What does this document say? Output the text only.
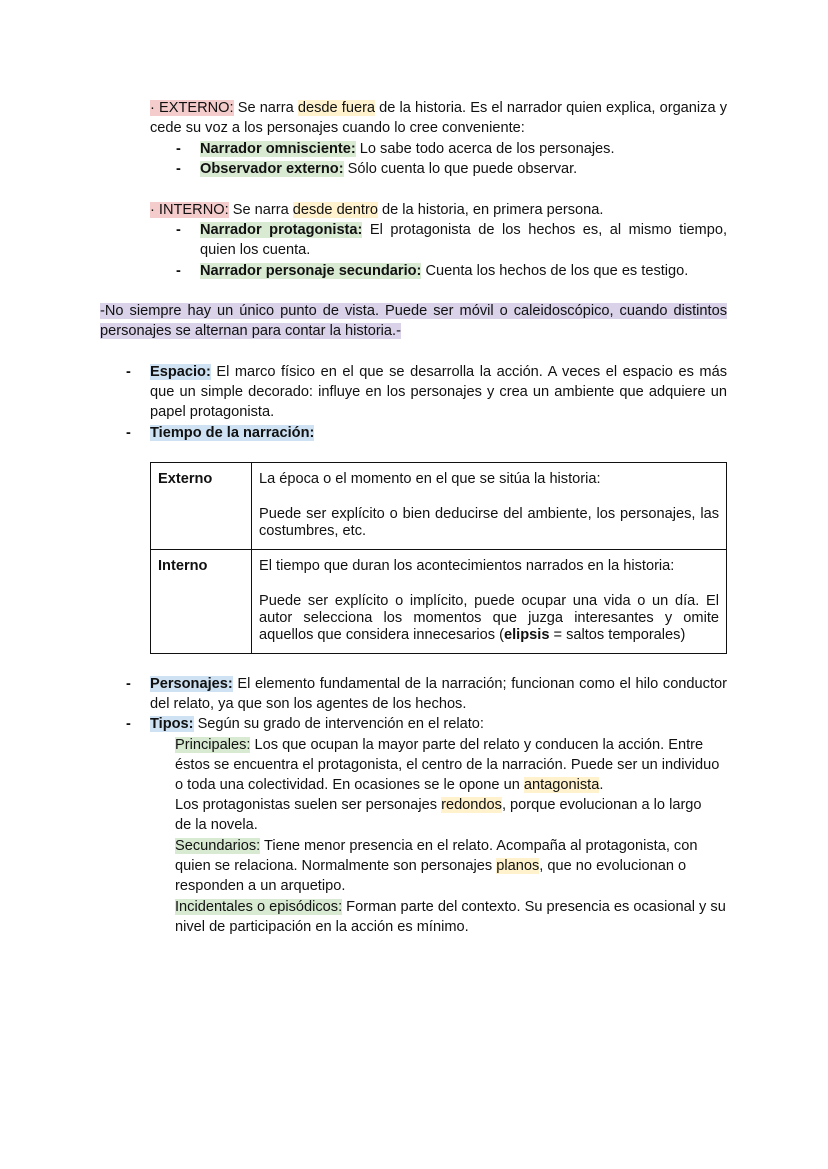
· EXTERNO: Se narra desde fuera de la historia. Es el narrador quien explica, organiza y cede su voz a los personajes cuando lo cree conveniente:
- Narrador omnisciente: Lo sabe todo acerca de los personajes.
- Observador externo: Sólo cuenta lo que puede observar.
· INTERNO: Se narra desde dentro de la historia, en primera persona.
- Narrador protagonista: El protagonista de los hechos es, al mismo tiempo, quien los cuenta.
- Narrador personaje secundario: Cuenta los hechos de los que es testigo.
-No siempre hay un único punto de vista. Puede ser móvil o caleidoscópico, cuando distintos personajes se alternan para contar la historia.-
- Espacio: El marco físico en el que se desarrolla la acción. A veces el espacio es más que un simple decorado: influye en los personajes y crea un ambiente que adquiere un papel protagonista.
- Tiempo de la narración:
Externo	La época o el momento en el que se sitúa la historia:

Puede ser explícito o bien deducirse del ambiente, los personajes, las costumbres, etc.

Interno	El tiempo que duran los acontecimientos narrados en la historia:

Puede ser explícito o implícito, puede ocupar una vida o un día. El autor selecciona los momentos que juzga interesantes y omite aquellos que considera innecesarios (elipsis = saltos temporales)

- Personajes: El elemento fundamental de la narración; funcionan como el hilo conductor del relato, ya que son los agentes de los hechos.
- Tipos: Según su grado de intervención en el relato:
Principales: Los que ocupan la mayor parte del relato y conducen la acción. Entre éstos se encuentra el protagonista, el centro de la narración. Puede ser un individuo o toda una colectividad. En ocasiones se le opone un antagonista.
Los protagonistas suelen ser personajes redondos, porque evolucionan a lo largo de la novela.
Secundarios: Tiene menor presencia en el relato. Acompaña al protagonista, con quien se relaciona. Normalmente son personajes planos, que no evolucionan o responden a un arquetipo.
Incidentales o episódicos: Forman parte del contexto. Su presencia es ocasional y su nivel de participación en la acción es mínimo.
